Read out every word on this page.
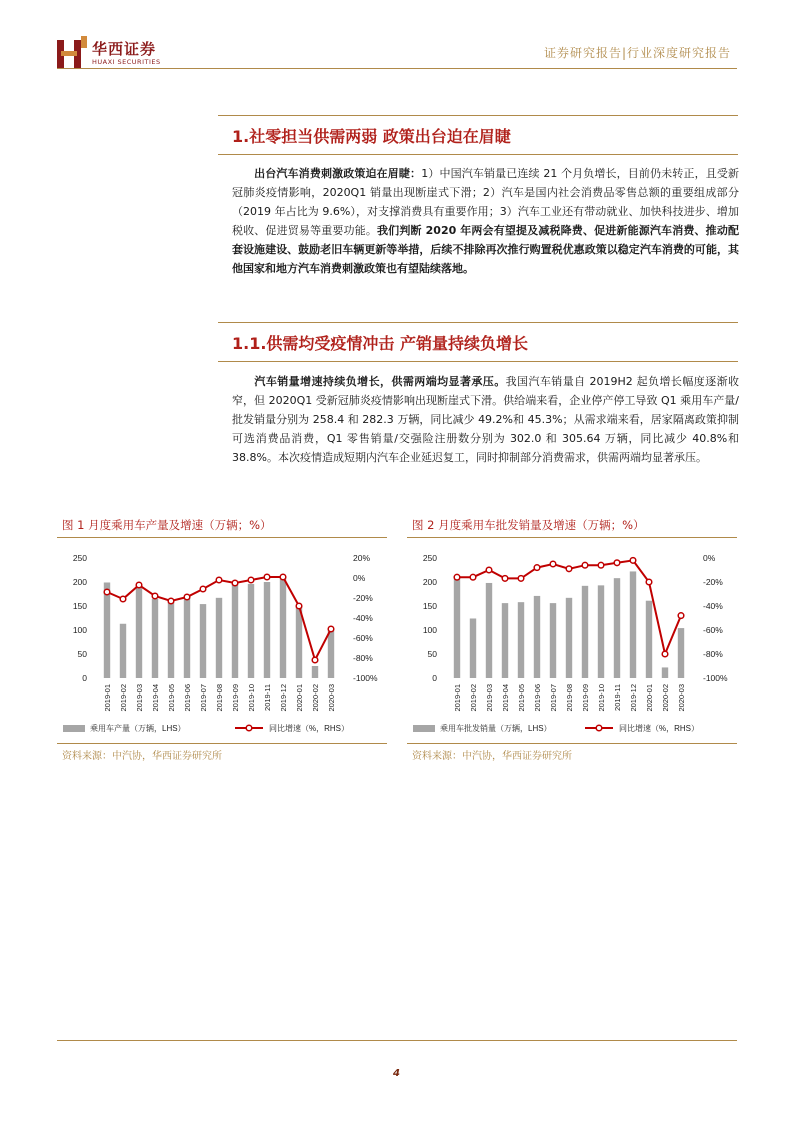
华西证券
HUAXI SECURITIES
证券研究报告|行业深度研究报告
1.社零担当供需两弱 政策出台迫在眉睫
出台汽车消费刺激政策迫在眉睫：1）中国汽车销量已连续 21 个月负增长，目前仍未转正，且受新冠肺炎疫情影响，2020Q1 销量出现断崖式下滑；2）汽车是国内社会消费品零售总额的重要组成部分（2019 年占比为 9.6%），对支撑消费具有重要作用；3）汽车工业还有带动就业、加快科技进步、增加税收、促进贸易等重要功能。我们判断 2020 年两会有望提及减税降费、促进新能源汽车消费、推动配套设施建设、鼓励老旧车辆更新等举措，后续不排除再次推行购置税优惠政策以稳定汽车消费的可能，其他国家和地方汽车消费刺激政策也有望陆续落地。
1.1.供需均受疫情冲击 产销量持续负增长
汽车销量增速持续负增长，供需两端均显著承压。我国汽车销量自 2019H2 起负增长幅度逐渐收窄，但 2020Q1 受新冠肺炎疫情影响出现断崖式下滑。供给端来看，企业停产停工导致 Q1 乘用车产量/批发销量分别为 258.4 和 282.3 万辆，同比减少 49.2%和 45.3%；从需求端来看，居家隔离政策抑制可选消费品消费，Q1 零售销量/交强险注册数分别为 302.0 和 305.64 万辆，同比减少 40.8%和 38.8%。本次疫情造成短期内汽车企业延迟复工，同时抑制部分消费需求，供需两端均显著承压。
图 1 月度乘用车产量及增速（万辆；%）	图 2 月度乘用车批发销量及增速（万辆；%）
资料来源：中汽协，华西证券研究所	资料来源：中汽协，华西证券研究所
0
50
100
150
200
250
-100%
-80%
-60%
-40%
-20%
0%
20%
2019-01 2019-02 2019-03 2019-04 2019-05 2019-06 2019-07 2019-08 2019-09 2019-10 2019-11 2019-12 2020-01 2020-02 2020-03
乘用车产量（万辆，LHS）	同比增速（%，RHS）
0
50
100
150
200
250
-100%
-80%
-60%
-40%
-20%
0%
2019-01 2019-02 2019-03 2019-04 2019-05 2019-06 2019-07 2019-08 2019-09 2019-10 2019-11 2019-12 2020-01 2020-02 2020-03
乘用车批发销量（万辆，LHS）	同比增速（%，RHS）
4
